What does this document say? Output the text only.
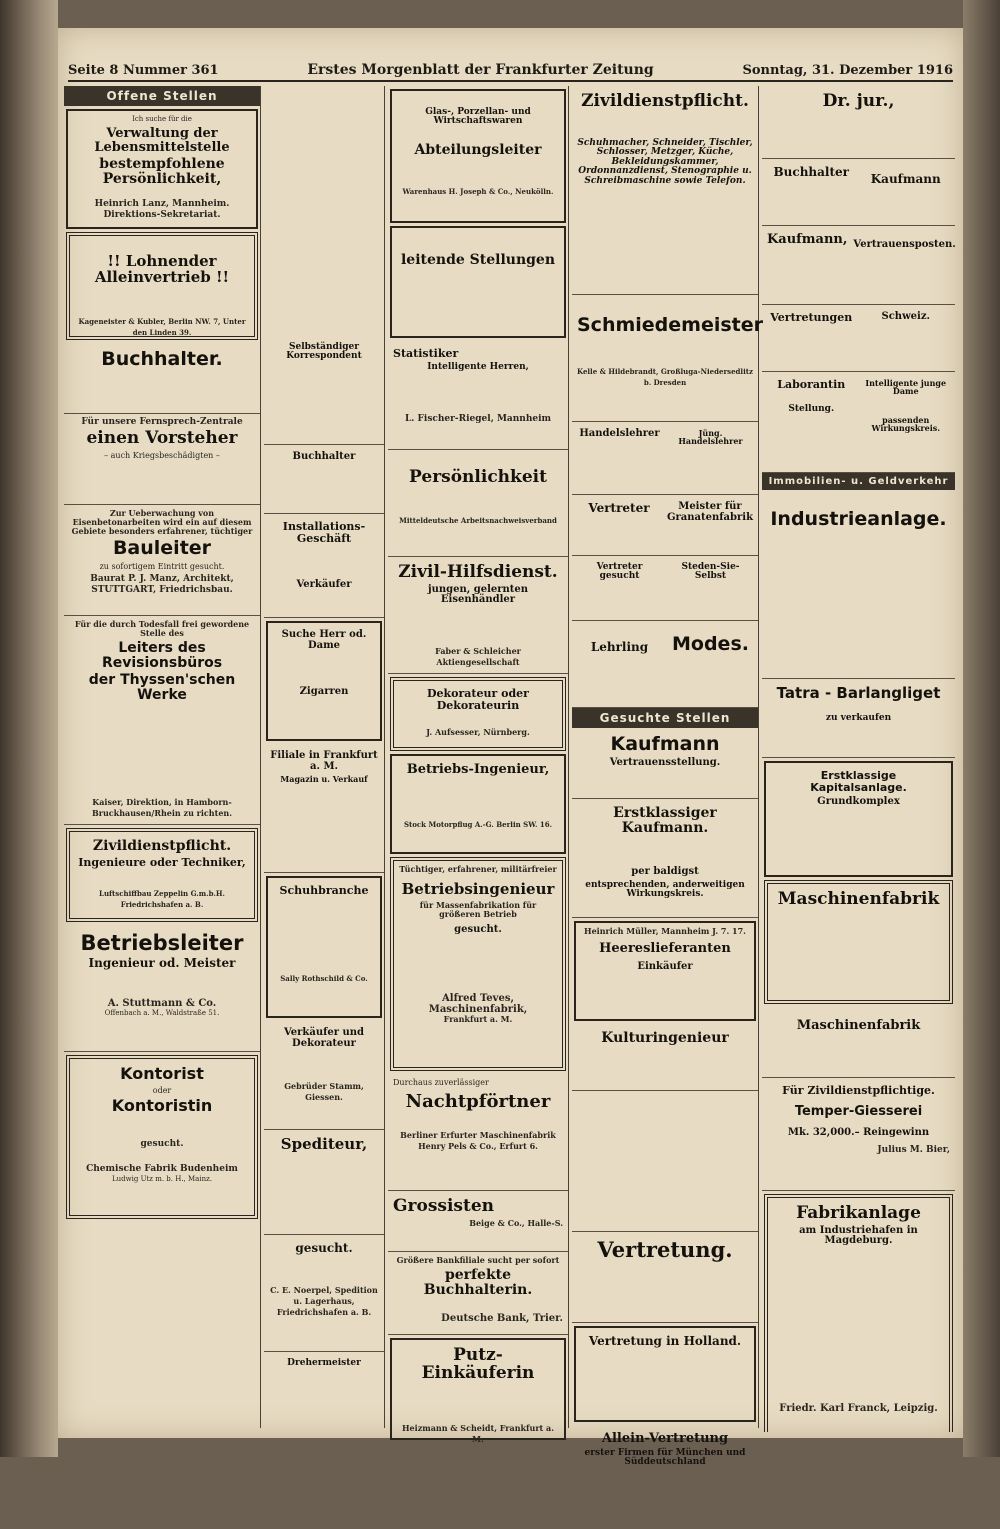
Seite 8 Nummer 361	Erstes Morgenblatt der Frankfurter Zeitung	Sonntag, 31. Dezember 1916
Offene Stellen
Ich suche für die
Verwaltung der Lebensmittelstelle
bestempfohlene Persönlichkeit,
Heinrich Lanz, Mannheim. Direktions-Sekretariat.
!! Lohnender Alleinvertrieb !!
Kageneister & Kubler, Berlin NW. 7, Unter den Linden 39.
Buchhalter.
Für unsere Fernsprech-Zentrale
einen Vorsteher
– auch Kriegsbeschädigten –
Zur Ueberwachung von Eisenbetonarbeiten wird ein auf diesem Gebiete besonders erfahrener, tüchtiger
Bauleiter
zu sofortigem Eintritt gesucht.
Baurat P. J. Manz, Architekt, STUTTGART, Friedrichsbau.
Für die durch Todesfall frei gewordene Stelle des
Leiters des Revisionsbüros
der Thyssen'schen Werke
Kaiser, Direktion, in Hamborn-Bruckhausen/Rhein zu richten.
Zivildienstpflicht.
Ingenieure oder Techniker,
Luftschiffbau Zeppelin G.m.b.H. Friedrichshafen a. B.
Betriebsleiter
Ingenieur od. Meister
A. Stuttmann & Co.
Offenbach a. M., Waldstraße 51.
Kontorist
oder
Kontoristin
gesucht.
Chemische Fabrik Budenheim
Ludwig Utz m. b. H., Mainz.
Selbständiger Korrespondent
Buchhalter
Installations-Geschäft
Verkäufer
Suche Herr od. Dame
Zigarren
Filiale in Frankfurt a. M.
Magazin u. Verkauf
Schuhbranche
Sally Rothschild & Co.
Verkäufer und Dekorateur
Gebrüder Stamm, Giessen.
Spediteur,
gesucht.
C. E. Noerpel, Spedition u. Lagerhaus, Friedrichshafen a. B.
Drehermeister
Glas-, Porzellan- und Wirtschaftswaren
Abteilungsleiter
Warenhaus H. Joseph & Co., Neukölln.
leitende Stellungen
Statistiker
Intelligente Herren,
L. Fischer-Riegel, Mannheim
Persönlichkeit
Mitteldeutsche Arbeitsnachweisverband
Zivil-Hilfsdienst.
jungen, gelernten Eisenhändler
Faber & Schleicher Aktiengesellschaft
Dekorateur oder Dekorateurin
J. Aufsesser, Nürnberg.
Betriebs-Ingenieur,
Stock Motorpflug A.-G. Berlin SW. 16.
Tüchtiger, erfahrener, militärfreier
Betriebsingenieur
für Massenfabrikation für größeren Betrieb
gesucht.
Alfred Teves, Maschinenfabrik,
Frankfurt a. M.
Durchaus zuverlässiger
Nachtpförtner
Berliner Erfurter Maschinenfabrik Henry Pels & Co., Erfurt 6.
Grossisten
Beige & Co., Halle-S.
Größere Bankfiliale sucht per sofort
perfekte Buchhalterin.
Deutsche Bank, Trier.
Putz-Einkäuferin
Heizmann & Scheidt, Frankfurt a. M.
Zivildienstpflicht.
Schuhmacher, Schneider, Tischler, Schlosser, Metzger, Küche, Bekleidungskammer, Ordonnanzdienst, Stenographie u. Schreibmaschine sowie Telefon.
Schmiedemeister
Kelle & Hildebrandt, Großluga-Niedersedlitz b. Dresden
Handelslehrer	Jüng. Handelslehrer
Vertreter	Meister für Granatenfabrik
Vertreter gesucht
Steden-Sie-Selbst
Lehrling	Modes.
Gesuchte Stellen
Kaufmann
Vertrauensstellung.
Erstklassiger Kaufmann.
per baldigst
entsprechenden, anderweitigen Wirkungskreis.
Heinrich Müller, Mannheim J. 7. 17.
Heereslieferanten
Einkäufer
Kulturingenieur
Vertretung.
Vertretung in Holland.
Allein-Vertretung
erster Firmen für München und Süddeutschland
Dr. jur.,
Buchhalter	Kaufmann
Kaufmann, Vertrauensposten.
Vertretungen	Schweiz.
Laborantin
Stellung.
Intelligente junge Dame
passenden Wirkungskreis.
Immobilien- u. Geldverkehr
Industrieanlage.
Tatra - Barlangliget
zu verkaufen
Erstklassige Kapitalsanlage.
Grundkomplex
Maschinenfabrik
Maschinenfabrik
Für Zivildienstpflichtige.
Temper-Giesserei
Mk. 32,000.– Reingewinn
Julius M. Bier,
Fabrikanlage
am Industriehafen in Magdeburg.
Friedr. Karl Franck, Leipzig.
